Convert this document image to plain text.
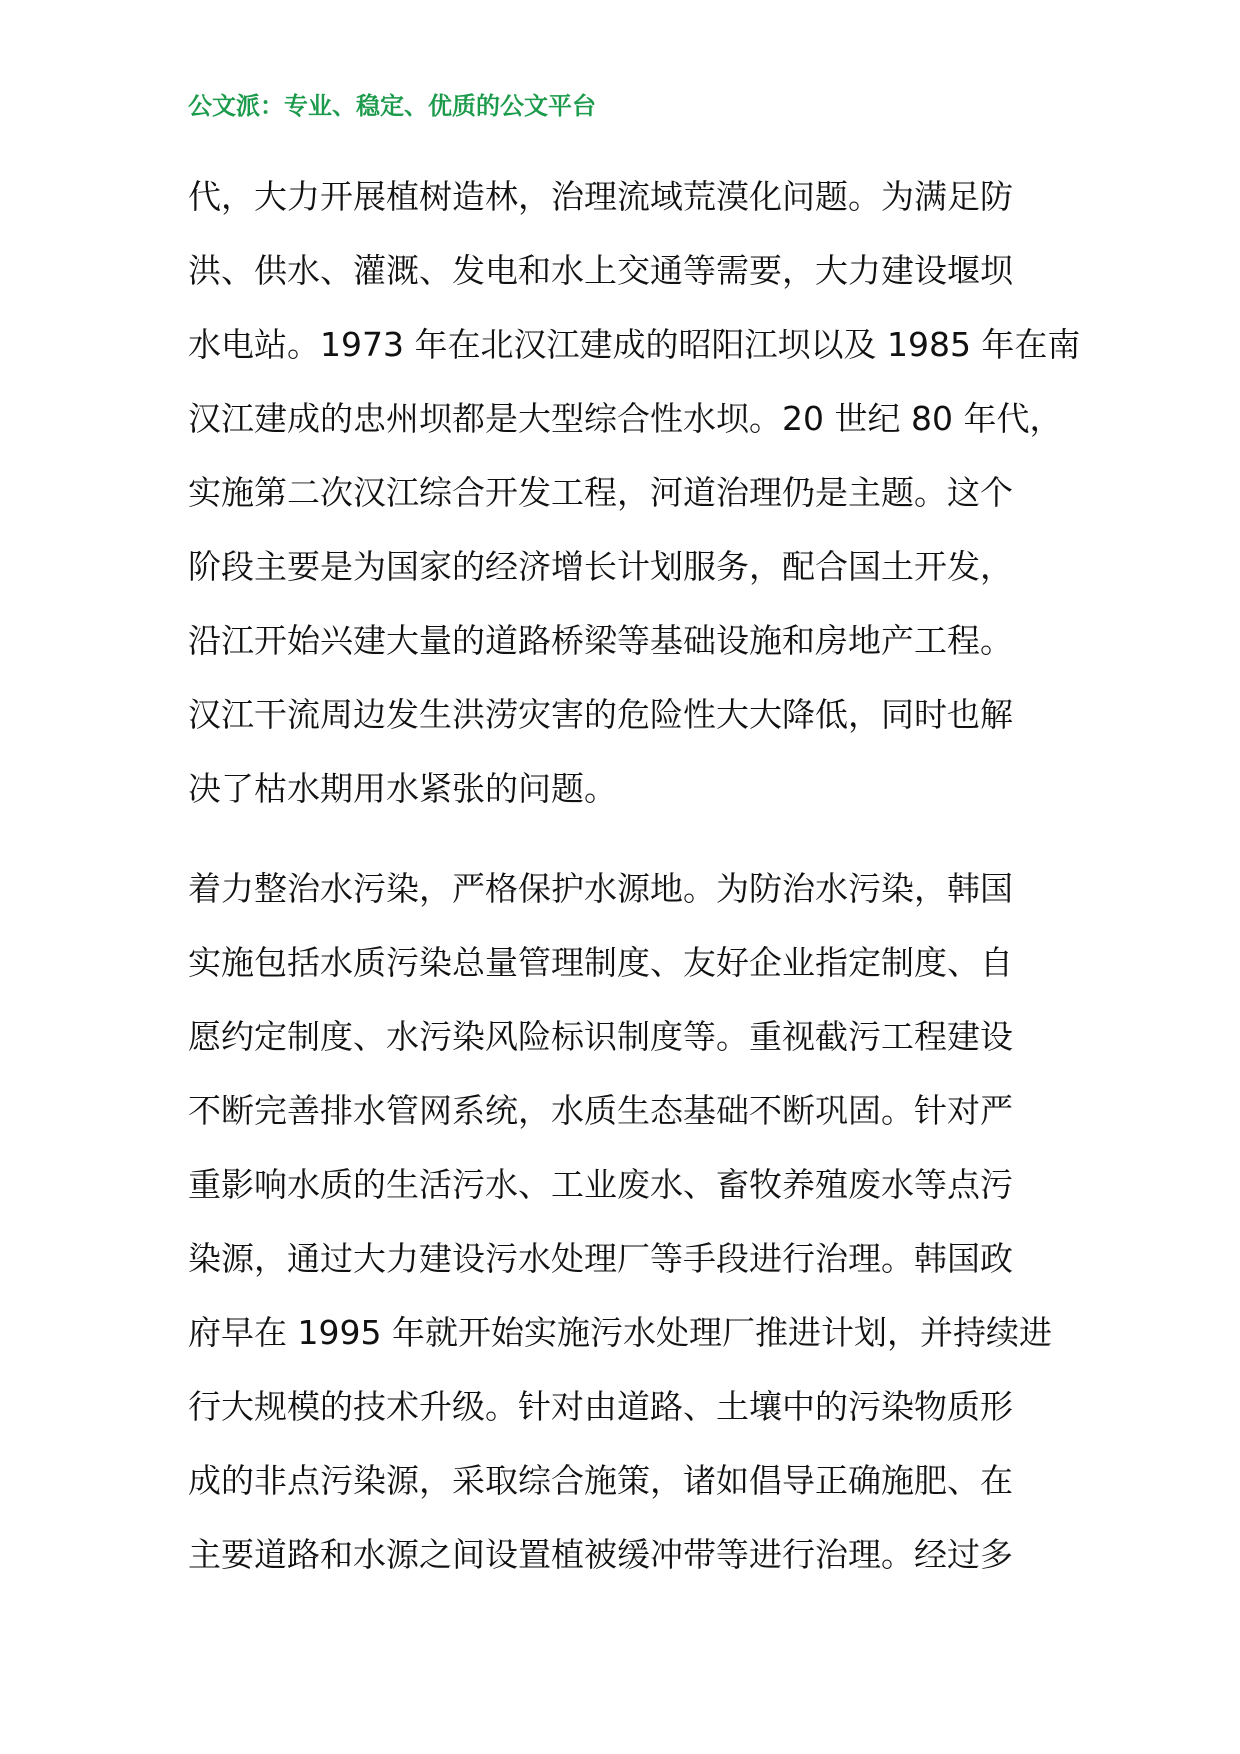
公文派：专业、稳定、优质的公文平台

代，大力开展植树造林，治理流域荒漠化问题。为满足防
洪、供水、灌溉、发电和水上交通等需要，大力建设堰坝
水电站。1973 年在北汉江建成的昭阳江坝以及 1985 年在南
汉江建成的忠州坝都是大型综合性水坝。20 世纪 80 年代，
实施第二次汉江综合开发工程，河道治理仍是主题。这个
阶段主要是为国家的经济增长计划服务，配合国土开发，
沿江开始兴建大量的道路桥梁等基础设施和房地产工程。
汉江干流周边发生洪涝灾害的危险性大大降低，同时也解
决了枯水期用水紧张的问题。

着力整治水污染，严格保护水源地。为防治水污染，韩国
实施包括水质污染总量管理制度、友好企业指定制度、自
愿约定制度、水污染风险标识制度等。重视截污工程建设
不断完善排水管网系统，水质生态基础不断巩固。针对严
重影响水质的生活污水、工业废水、畜牧养殖废水等点污
染源，通过大力建设污水处理厂等手段进行治理。韩国政
府早在 1995 年就开始实施污水处理厂推进计划，并持续进
行大规模的技术升级。针对由道路、土壤中的污染物质形
成的非点污染源，采取综合施策，诸如倡导正确施肥、在
主要道路和水源之间设置植被缓冲带等进行治理。经过多
